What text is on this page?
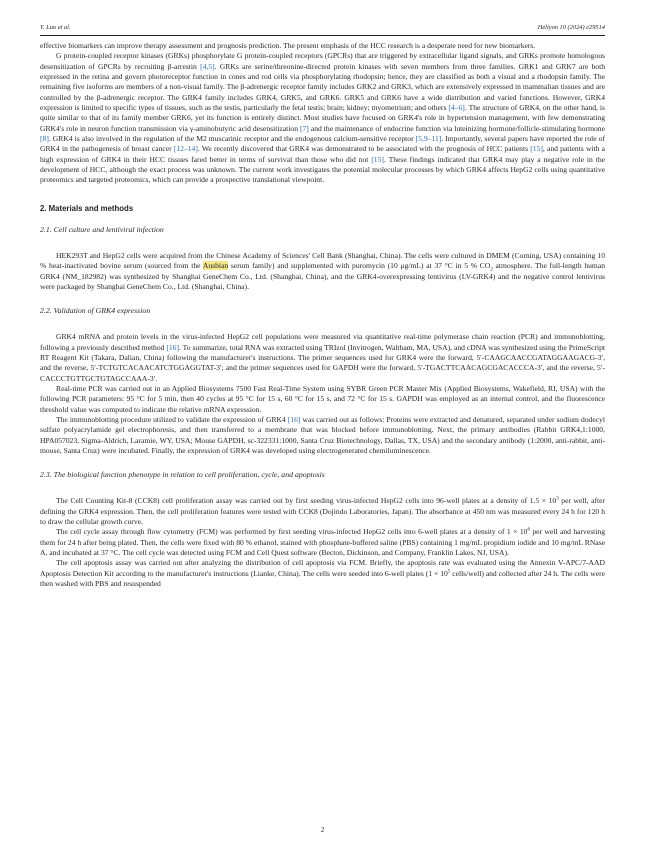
Y. Luo et al.	Heliyon 10 (2024) e29514

effective biomarkers can improve therapy assessment and prognosis prediction. The present emphasis of the HCC research is a desperate need for new biomarkers.

G protein-coupled receptor kinases (GRKs) phosphorylate G protein-coupled receptors (GPCRs) that are triggered by extracellular ligand signals, and GRKs promote homologous desensitization of GPCRs by recruiting β-arrestin [4,5]. GRKs are serine/threonine-directed protein kinases with seven members from three families. GRK1 and GRK7 are both expressed in the retina and govern photoreceptor function in cones and rod cells via phosphorylating rhodopsin; hence, they are classified as both a visual and a rhodopsin family. The remaining five isoforms are members of a non-visual family. The β-adrenergic receptor family includes GRK2 and GRK3, which are extensively expressed in mammalian tissues and are controlled by the β-adrenergic receptor. The GRK4 family includes GRK4, GRK5, and GRK6. GRK5 and GRK6 have a wide distribution and varied functions. However, GRK4 expression is limited to specific types of tissues, such as the testis, particularly the fetal testis; brain; kidney; myometrium; and others [4–6]. The structure of GRK4, on the other hand, is quite similar to that of its family member GRK6, yet its function is entirely distinct. Most studies have focused on GRK4's role in hypertension management, with few demonstrating GRK4's role in neuron function transmission via γ-aminobutyric acid desensitization [7] and the maintenance of endocrine function via luteinizing hormone/follicle-stimulating hormone [8]. GRK4 is also involved in the regulation of the M2 muscarinic receptor and the endogenous calcium-sensitive receptor [5,9–11]. Importantly, several papers have reported the role of GRK4 in the pathogenesis of breast cancer [12–14]. We recently discovered that GRK4 was demonstrated to be associated with the prognosis of HCC patients [15], and patients with a high expression of GRK4 in their HCC tissues fared better in terms of survival than those who did not [15]. These findings indicated that GRK4 may play a negative role in the development of HCC, although the exact process was unknown. The current work investigates the potential molecular processes by which GRK4 affects HepG2 cells using quantitative proteomics and targeted proteomics, which can provide a prospective translational viewpoint.

2. Materials and methods
2.1. Cell culture and lentiviral infection

HEK293T and HepG2 cells were acquired from the Chinese Academy of Sciences' Cell Bank (Shanghai, China). The cells were cultured in DMEM (Corning, USA) containing 10 % heat-inactivated bovine serum (sourced from the Ausbian serum family) and supplemented with puromycin (10 μg/mL) at 37 °C in 5 % $CO_2$ atmosphere. The full-length human GRK4 (NM_182982) was synthesized by Shanghai GeneChem Co., Ltd. (Shanghai, China), and the GRK4-overexpressing lentivirus (LV-GRK4) and the negative control lentivirus were packaged by Shanghai GeneChem Co., Ltd. (Shanghai, China).

2.2. Validation of GRK4 expression

GRK4 mRNA and protein levels in the virus-infected HepG2 cell populations were measured via quantitative real-time polymerase chain reaction (PCR) and immunoblotting, following a previously described method [16]. To summarize, total RNA was extracted using TRIzol (Invitrogen, Waltham, MA, USA), and cDNA was synthesized using the PrimeScript RT Reagent Kit (Takara, Dalian, China) following the manufacturer's instructions. The primer sequences used for GRK4 were the forward, 5′-CAAGCAACCGATAGGAAGACG-3′, and the reverse, 5′-TCTGTCACAACATCTGGAGGTAT-3′; and the primer sequences used for GAPDH were the forward, 5′-TGACTTCAACAGCGACACCCA-3′, and the reverse, 5′-CACCCTGTTGCTGTAGCCAAA-3′.

Real-time PCR was carried out in an Applied Biosystems 7500 Fast Real-Time System using SYBR Green PCR Master Mix (Applied Biosystems, Wakefield, RI, USA) with the following PCR parameters: 95 °C for 5 min, then 40 cycles at 95 °C for 15 s, 60 °C for 15 s, and 72 °C for 15 s. GAPDH was employed as an internal control, and the fluorescence threshold value was computed to indicate the relative mRNA expression.

The immunoblotting procedure utilized to validate the expression of GRK4 [16] was carried out as follows: Proteins were extracted and denatured, separated under sodium dodecyl sulfate polyacrylamide gel electrophoresis, and then transferred to a membrane that was blocked before immunoblotting. Next, the primary antibodies (Rabbit GRK4,1:1000, HPA057023, Sigma-Aldrich, Laramie, WY, USA; Mouse GAPDH, sc-322331:1000, Santa Cruz Biotechnology, Dallas, TX, USA) and the secondary antibody (1:2000, anti-rabbit, anti-mouse, Santa Cruz) were incubated. Finally, the expression of GRK4 was developed using electrogenerated chemiluminescence.

2.3. The biological function phenotype in relation to cell proliferation, cycle, and apoptosis

The Cell Counting Kit-8 (CCK8) cell proliferation assay was carried out by first seeding virus-infected HepG2 cells into 96-well plates at a density of $1.5 \times 10^3$ per well, after defining the GRK4 expression. Then, the cell proliferation features were tested with CCK8 (Dojindo Laboratories, Japan). The absorbance at 450 nm was measured every 24 h for 120 h to draw the cellular growth curve.

The cell cycle assay through flow cytometry (FCM) was performed by first seeding virus-infected HepG2 cells into 6-well plates at a density of $1 \times 10^6$ per well and harvesting them for 24 h after being plated. Then, the cells were fixed with 80 % ethanol, stained with phosphate-buffered saline (PBS) containing 1 mg/mL propidium iodide and 10 mg/mL RNase A, and incubated at 37 °C. The cell cycle was detected using FCM and Cell Quest software (Becton, Dickinson, and Company, Franklin Lakes, NJ, USA).

The cell apoptosis assay was carried out after analyzing the distribution of cell apoptosis via FCM. Briefly, the apoptosis rate was evaluated using the Annexin V-APC/7-AAD Apoptosis Detection Kit according to the manufacturer's instructions (Lianke, China). The cells were seeded into 6-well plates ($1 \times 10^5$ cells/well) and collected after 24 h. The cells were then washed with PBS and resuspended

2
